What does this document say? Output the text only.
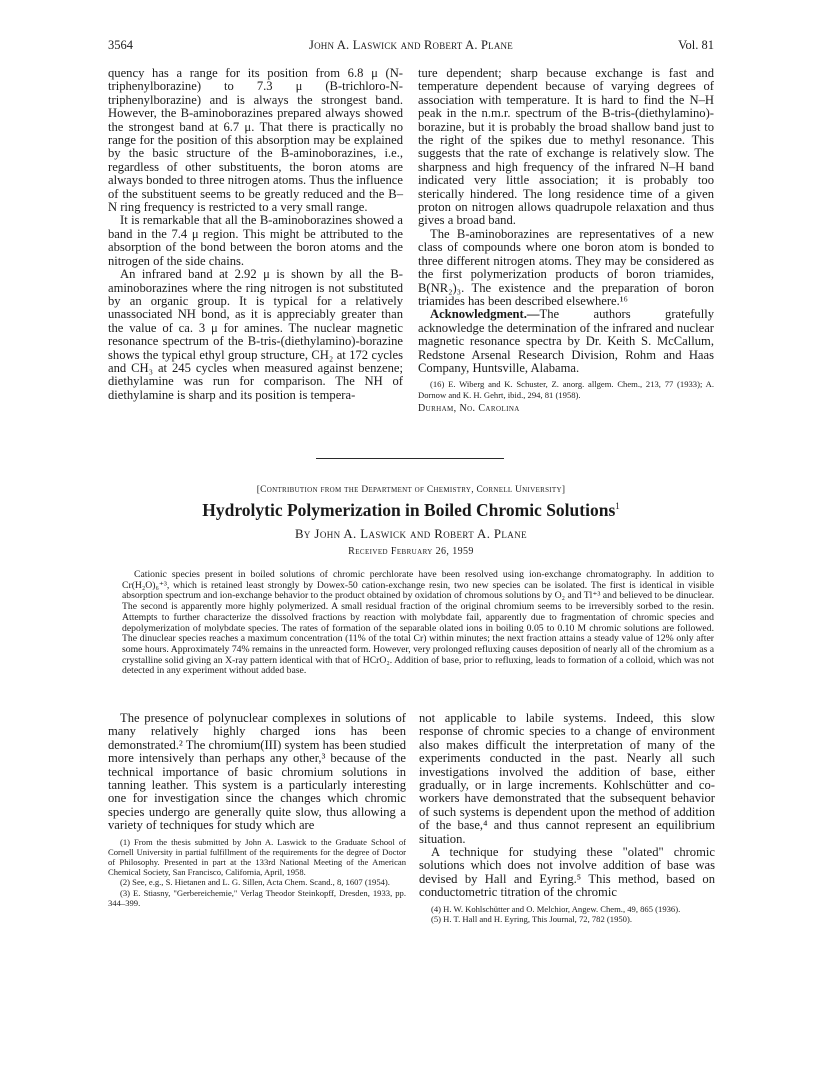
3564	John A. Laswick and Robert A. Plane	Vol. 81

quency has a range for its position from 6.8 μ (N-triphenylborazine) to 7.3 μ (B-trichloro-N-triphenylborazine) and is always the strongest band. However, the B-aminoborazines prepared always showed the strongest band at 6.7 μ. That there is practically no range for the position of this absorption may be explained by the basic structure of the B-aminoborazines, i.e., regardless of other substituents, the boron atoms are always bonded to three nitrogen atoms. Thus the influence of the substituent seems to be greatly reduced and the B–N ring frequency is restricted to a very small range.

It is remarkable that all the B-aminoborazines showed a band in the 7.4 μ region. This might be attributed to the absorption of the bond between the boron atoms and the nitrogen of the side chains.

An infrared band at 2.92 μ is shown by all the B-aminoborazines where the ring nitrogen is not substituted by an organic group. It is typical for a relatively unassociated NH bond, as it is appreciably greater than the value of ca. 3 μ for amines. The nuclear magnetic resonance spectrum of the B-tris-(diethylamino)-borazine shows the typical ethyl group structure, CH₂ at 172 cycles and CH₃ at 245 cycles when measured against benzene; diethylamine was run for comparison. The NH of diethylamine is sharp and its position is tempera-

ture dependent; sharp because exchange is fast and temperature dependent because of varying degrees of association with temperature. It is hard to find the N–H peak in the n.m.r. spectrum of the B-tris-(diethylamino)-borazine, but it is probably the broad shallow band just to the right of the spikes due to methyl resonance. This suggests that the rate of exchange is relatively slow. The sharpness and high frequency of the infrared N–H band indicated very little association; it is probably too sterically hindered. The long residence time of a given proton on nitrogen allows quadrupole relaxation and thus gives a broad band.

The B-aminoborazines are representatives of a new class of compounds where one boron atom is bonded to three different nitrogen atoms. They may be considered as the first polymerization products of boron triamides, B(NR₂)₃. The existence and the preparation of boron triamides has been described elsewhere.¹⁶

Acknowledgment.—The authors gratefully acknowledge the determination of the infrared and nuclear magnetic resonance spectra by Dr. Keith S. McCallum, Redstone Arsenal Research Division, Rohm and Haas Company, Huntsville, Alabama.

(16) E. Wiberg and K. Schuster, Z. anorg. allgem. Chem., 213, 77 (1933); A. Dornow and K. H. Gehrt, ibid., 294, 81 (1958).

Durham, No. Carolina
[Contribution from the Department of Chemistry, Cornell University]
Hydrolytic Polymerization in Boiled Chromic Solutions$^1$
By John A. Laswick and Robert A. Plane
Received February 26, 1959

Cationic species present in boiled solutions of chromic perchlorate have been resolved using ion-exchange chromatography. In addition to Cr(H₂O)₆⁺³, which is retained least strongly by Dowex-50 cation-exchange resin, two new species can be isolated. The first is identical in visible absorption spectrum and ion-exchange behavior to the product obtained by oxidation of chromous solutions by O₂ and Tl⁺³ and believed to be dinuclear. The second is apparently more highly polymerized. A small residual fraction of the original chromium seems to be irreversibly sorbed to the resin. Attempts to further characterize the dissolved fractions by reaction with molybdate fail, apparently due to fragmentation of chromic species and depolymerization of molybdate species. The rates of formation of the separable olated ions in boiling 0.05 to 0.10 M chromic solutions are followed. The dinuclear species reaches a maximum concentration (11% of the total Cr) within minutes; the next fraction attains a steady value of 12% only after some hours. Approximately 74% remains in the unreacted form. However, very prolonged refluxing causes deposition of nearly all of the chromium as a crystalline solid giving an X-ray pattern identical with that of HCrO₂. Addition of base, prior to refluxing, leads to formation of a colloid, which was not detected in any experiment without added base.

The presence of polynuclear complexes in solutions of many relatively highly charged ions has been demonstrated.² The chromium(III) system has been studied more intensively than perhaps any other,³ because of the technical importance of basic chromium solutions in tanning leather. This system is a particularly interesting one for investigation since the changes which chromic species undergo are generally quite slow, thus allowing a variety of techniques for study which are

(1) From the thesis submitted by John A. Laswick to the Graduate School of Cornell University in partial fulfillment of the requirements for the degree of Doctor of Philosophy. Presented in part at the 133rd National Meeting of the American Chemical Society, San Francisco, California, April, 1958.

(2) See, e.g., S. Hietanen and L. G. Sillen, Acta Chem. Scand., 8, 1607 (1954).

(3) E. Stiasny, "Gerbereichemie," Verlag Theodor Steinkopff, Dresden, 1933, pp. 344–399.

not applicable to labile systems. Indeed, this slow response of chromic species to a change of environment also makes difficult the interpretation of many of the experiments conducted in the past. Nearly all such investigations involved the addition of base, either gradually, or in large increments. Kohlschütter and co-workers have demonstrated that the subsequent behavior of such systems is dependent upon the method of addition of the base,⁴ and thus cannot represent an equilibrium situation.

A technique for studying these "olated" chromic solutions which does not involve addition of base was devised by Hall and Eyring.⁵ This method, based on conductometric titration of the chromic

(4) H. W. Kohlschütter and O. Melchior, Angew. Chem., 49, 865 (1936).

(5) H. T. Hall and H. Eyring, This Journal, 72, 782 (1950).
